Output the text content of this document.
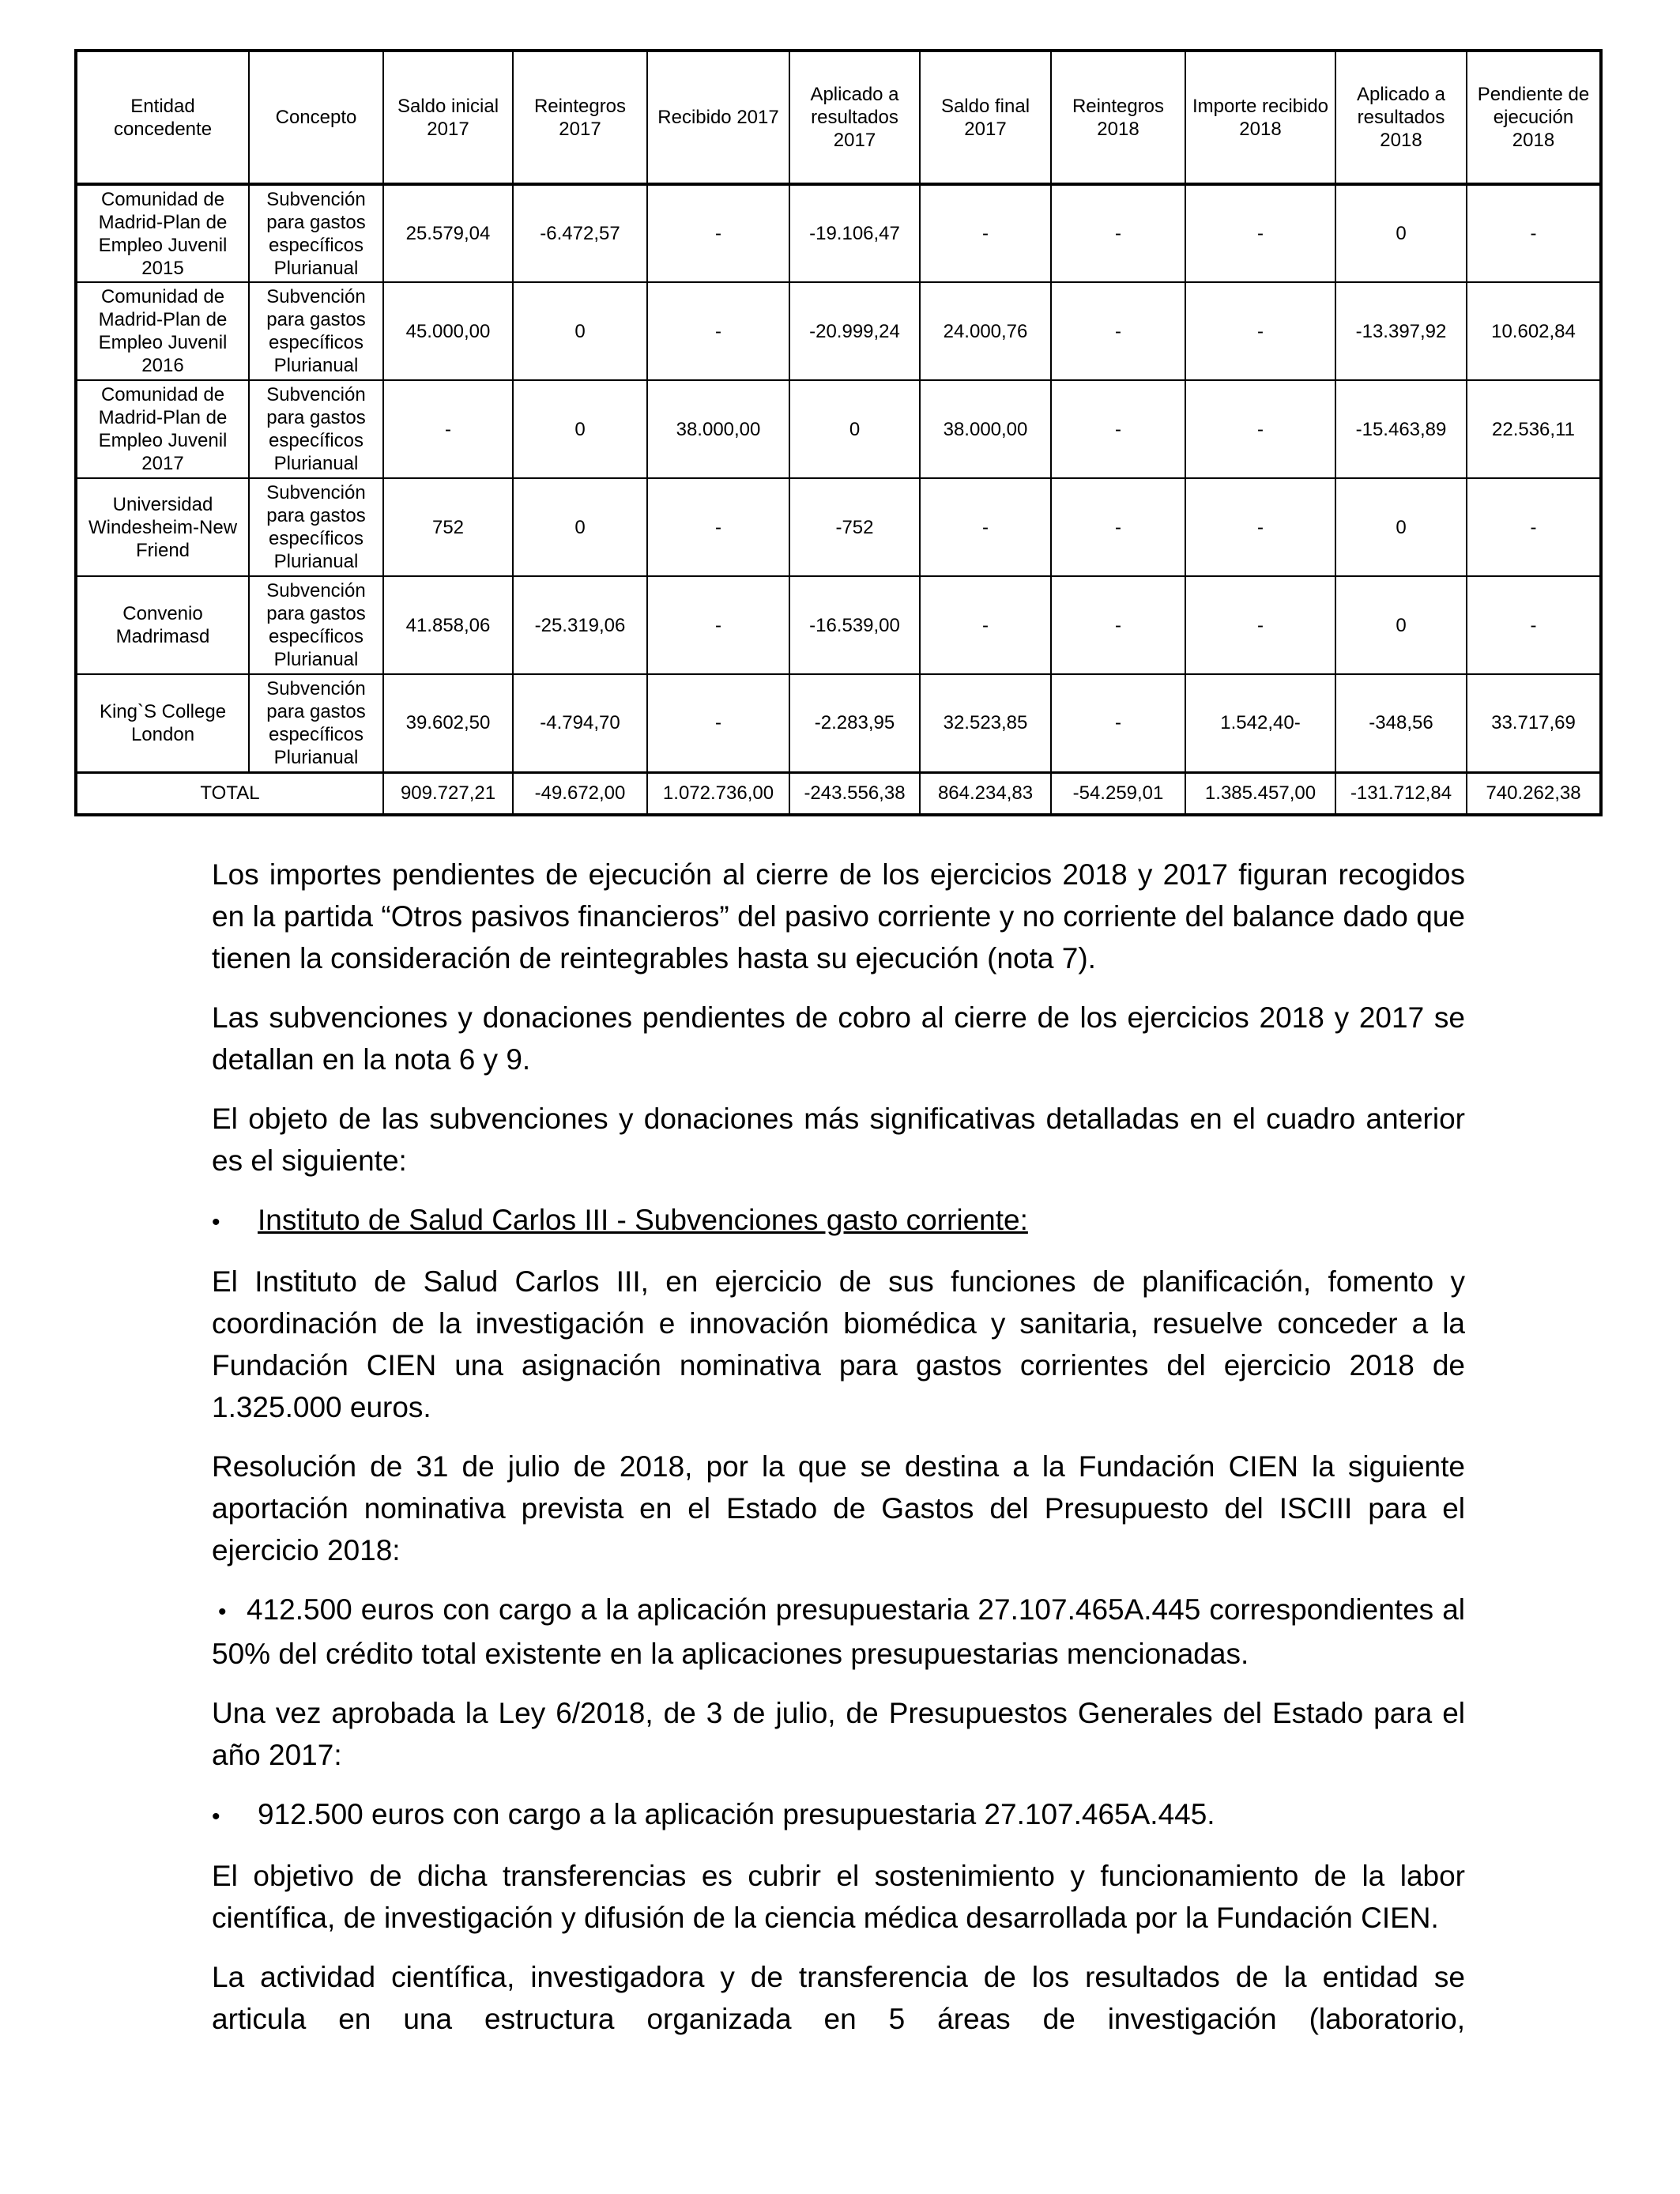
Entidad concedente	Concepto	Saldo inicial 2017	Reintegros 2017	Recibido 2017	Aplicado a resultados 2017	Saldo final 2017	Reintegros 2018	Importe recibido 2018	Aplicado a resultados 2018	Pendiente de ejecución 2018
Comunidad de Madrid-Plan de Empleo Juvenil 2015	Subvención para gastos específicos Plurianual	25.579,04	-6.472,57	-	-19.106,47	-	-	-	0	-
Comunidad de Madrid-Plan de Empleo Juvenil 2016	Subvención para gastos específicos Plurianual	45.000,00	0	-	-20.999,24	24.000,76	-	-	-13.397,92	10.602,84
Comunidad de Madrid-Plan de Empleo Juvenil 2017	Subvención para gastos específicos Plurianual	-	0	38.000,00	0	38.000,00	-	-	-15.463,89	22.536,11
Universidad Windesheim-New Friend	Subvención para gastos específicos Plurianual	752	0	-	-752	-	-	-	0	-
Convenio Madrimasd	Subvención para gastos específicos Plurianual	41.858,06	-25.319,06	-	-16.539,00	-	-	-	0	-
King`S College London	Subvención para gastos específicos Plurianual	39.602,50	-4.794,70	-	-2.283,95	32.523,85	-	1.542,40-	-348,56	33.717,69
TOTAL		909.727,21	-49.672,00	1.072.736,00	-243.556,38	864.234,83	-54.259,01	1.385.457,00	-131.712,84	740.262,38

Los importes pendientes de ejecución al cierre de los ejercicios 2018 y 2017 figuran recogidos en la partida “Otros pasivos financieros” del pasivo corriente y no corriente del balance dado que tienen la consideración de reintegrables hasta su ejecución (nota 7).

Las subvenciones y donaciones pendientes de cobro al cierre de los ejercicios 2018 y 2017 se detallan en la nota 6 y 9.

El objeto de las subvenciones y donaciones más significativas detalladas en el cuadro anterior es el siguiente:

•	Instituto de Salud Carlos III - Subvenciones gasto corriente:

El Instituto de Salud Carlos III, en ejercicio de sus funciones de planificación, fomento y coordinación de la investigación e innovación biomédica y sanitaria, resuelve conceder a la Fundación CIEN una asignación nominativa para gastos corrientes del ejercicio 2018 de 1.325.000 euros.

Resolución de 31 de julio de 2018, por la que se destina a la Fundación CIEN la siguiente aportación nominativa prevista en el Estado de Gastos del Presupuesto del ISCIII para el ejercicio 2018:

• 412.500 euros con cargo a la aplicación presupuestaria 27.107.465A.445 correspondientes al 50% del crédito total existente en la aplicaciones presupuestarias mencionadas.

Una vez aprobada la Ley 6/2018, de 3 de julio, de Presupuestos Generales del Estado para el año 2017:

•	912.500 euros con cargo a la aplicación presupuestaria 27.107.465A.445.

El objetivo de dicha transferencias es cubrir el sostenimiento y funcionamiento de la labor científica, de investigación y difusión de la ciencia médica desarrollada por la Fundación CIEN.

La actividad científica, investigadora y de transferencia de los resultados de la entidad se articula en una estructura organizada en 5 áreas de investigación (laboratorio,
